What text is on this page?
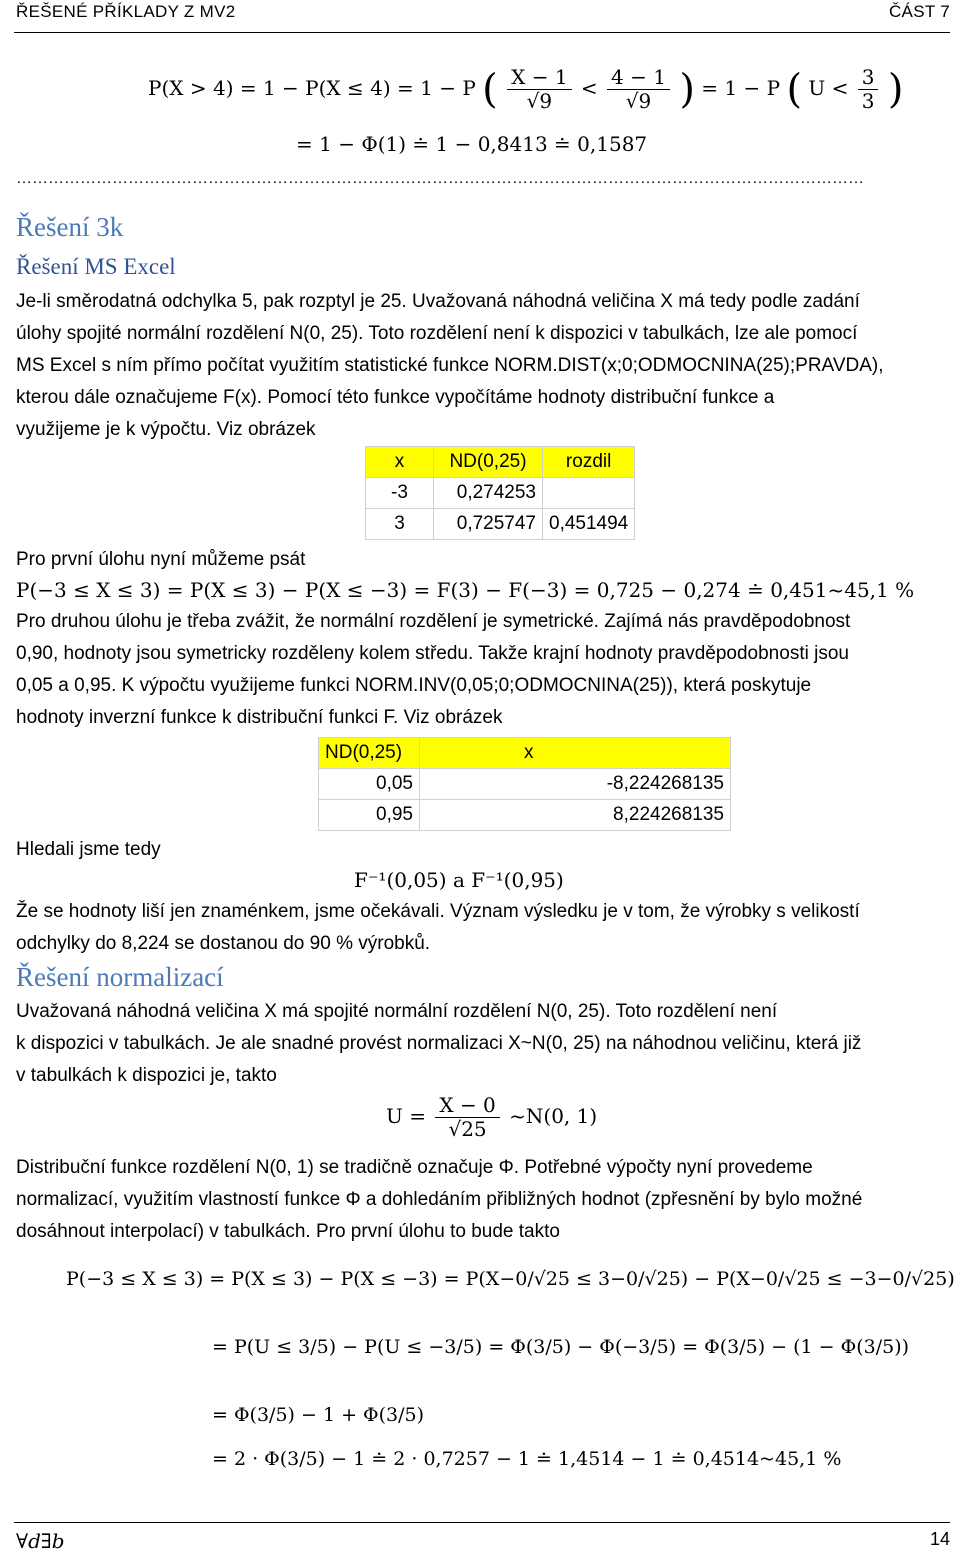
ŘEŠENÉ PŘÍKLADY Z MV2	ČÁST 7
P(X > 4) = 1 − P(X ≤ 4) = 1 − P ( $\frac{X - 1}{√9} < \frac{4 - 1}{√9}$ ) = 1 − P ( $U < \frac{3}{3}$ )
= 1 − Φ(1) ≐ 1 − 0,8413 ≐ 0,1587
……………………………………………………………………………………………………………………………………………
Řešení 3k
Řešení MS Excel
Je-li směrodatná odchylka 5, pak rozptyl je 25. Uvažovaná náhodná veličina X má tedy podle zadání
úlohy spojité normální rozdělení N(0, 25). Toto rozdělení není k dispozici v tabulkách, lze ale pomocí
MS Excel s ním přímo počítat využitím statistické funkce NORM.DIST(x;0;ODMOCNINA(25);PRAVDA),
kterou dále označujeme F(x). Pomocí této funkce vypočítáme hodnoty distribuční funkce a
využijeme je k výpočtu. Viz obrázek
x	ND(0,25)	rozdil
-3	0,274253	
3	0,725747	0,451494
Pro první úlohu nyní můžeme psát
P(−3 ≤ X ≤ 3) = P(X ≤ 3) − P(X ≤ −3) = F(3) − F(−3) = 0,725 − 0,274 ≐ 0,451~45,1 %
Pro druhou úlohu je třeba zvážit, že normální rozdělení je symetrické. Zajímá nás pravděpodobnost
0,90, hodnoty jsou symetricky rozděleny kolem středu. Takže krajní hodnoty pravděpodobnosti jsou
0,05 a 0,95. K výpočtu využijeme funkci NORM.INV(0,05;0;ODMOCNINA(25)), která poskytuje
hodnoty inverzní funkce k distribuční funkci F. Viz obrázek
ND(0,25)	x
0,05	-8,224268135
0,95	8,224268135
Hledali jsme tedy
F⁻¹(0,05) a F⁻¹(0,95)
Že se hodnoty liší jen znaménkem, jsme očekávali. Význam výsledku je v tom, že výrobky s velikostí
odchylky do 8,224 se dostanou do 90 % výrobků.
Řešení normalizací
Uvažovaná náhodná veličina X má spojité normální rozdělení N(0, 25). Toto rozdělení není
k dispozici v tabulkách. Je ale snadné provést normalizaci X~N(0, 25) na náhodnou veličinu, která již
v tabulkách k dispozici je, takto
$U = \frac{X - 0}{√25}$ ~N(0, 1)
Distribuční funkce rozdělení N(0, 1) se tradičně označuje Φ. Potřebné výpočty nyní provedeme
normalizací, využitím vlastností funkce Φ a dohledáním přibližných hodnot (zpřesnění by bylo možné
dosáhnout interpolací) v tabulkách. Pro první úlohu to bude takto
P(−3 ≤ X ≤ 3) = P(X ≤ 3) − P(X ≤ −3) = P(X−0/√25 ≤ 3−0/√25) − P(X−0/√25 ≤ −3−0/√25)
= P(U ≤ 3/5) − P(U ≤ −3/5) = Φ(3/5) − Φ(−3/5) = Φ(3/5) − (1 − Φ(3/5))
= Φ(3/5) − 1 + Φ(3/5)
= 2 · Φ(3/5) − 1 ≐ 2 · 0,7257 − 1 ≐ 1,4514 − 1 ≐ 0,4514~45,1 %
∀d∃b	14
